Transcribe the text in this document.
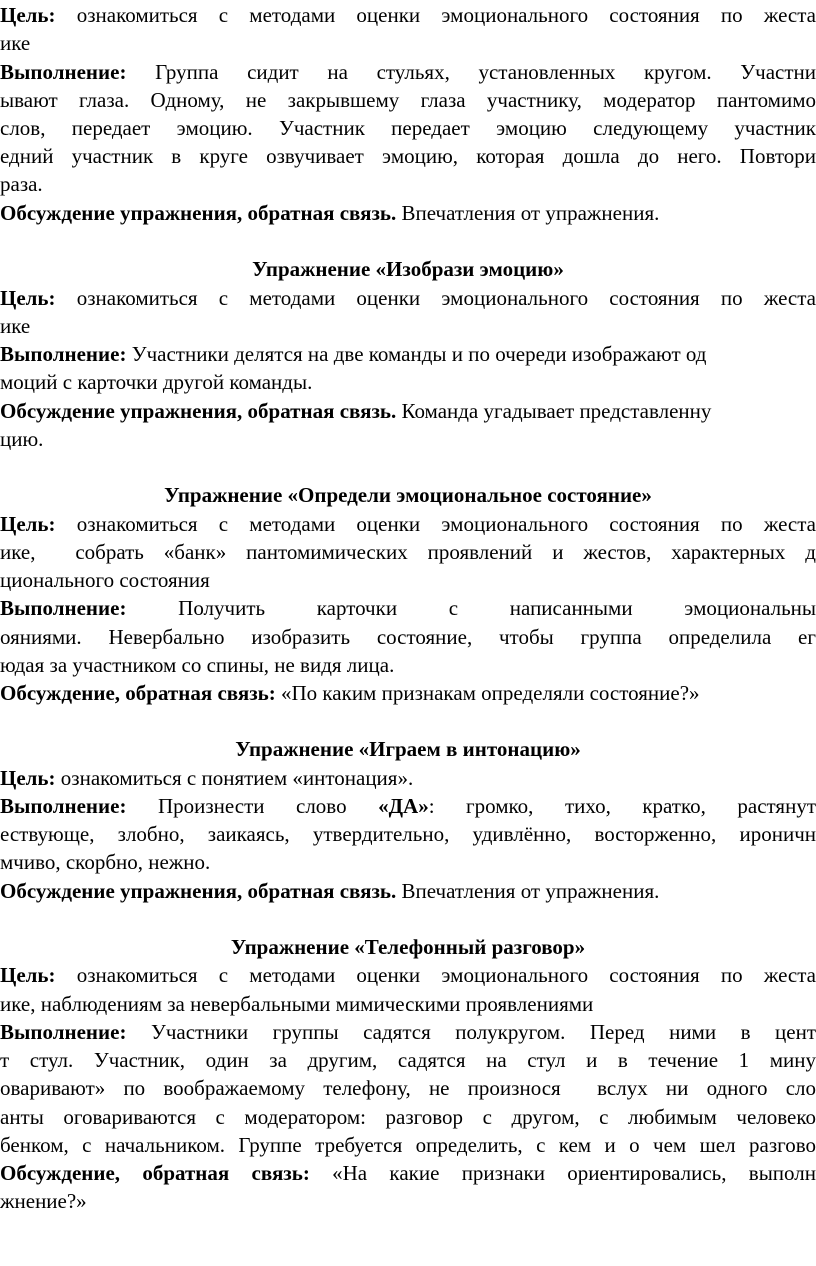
Цель: ознакомиться с методами оценки эмоционального состояния по жеста
ике
Выполнение: Группа сидит на стульях, установленных кругом. Участни
ывают глаза. Одному, не закрывшему глаза участнику, модератор пантомимо
слов, передает эмоцию. Участник передает эмоцию следующему участник
едний участник в круге озвучивает эмоцию, которая дошла до него. Повтори
раза.
Обсуждение упражнения, обратная связь. Впечатления от упражнения.
Упражнение «Изобрази эмоцию»
Цель: ознакомиться с методами оценки эмоционального состояния по жеста
ике
Выполнение: Участники делятся на две команды и по очереди изображают од
моций с карточки другой команды.
Обсуждение упражнения, обратная связь. Команда угадывает представленну
цию.
Упражнение «Определи эмоциональное состояние»
Цель: ознакомиться с методами оценки эмоционального состояния по жеста
ике,  собрать «банк» пантомимических проявлений и жестов, характерных д
ционального состояния
Выполнение: Получить карточки с написанными эмоциональны
ояниями. Невербально изобразить состояние, чтобы группа определила ег
юдая за участником со спины, не видя лица.
Обсуждение, обратная связь: «По каким признакам определяли состояние?»
Упражнение «Играем в интонацию»
Цель: ознакомиться с понятием «интонация».
Выполнение: Произнести слово «ДА»: громко, тихо, кратко, растянут
ествующе, злобно, заикаясь, утвердительно, удивлённо, восторженно, ироничн
мчиво, скорбно, нежно.
Обсуждение упражнения, обратная связь. Впечатления от упражнения.
Упражнение «Телефонный разговор»
Цель: ознакомиться с методами оценки эмоционального состояния по жеста
ике, наблюдениям за невербальными мимическими проявлениями
Выполнение: Участники группы садятся полукругом. Перед ними в цент
т стул. Участник, один за другим, садятся на стул и в течение 1 мину
оваривают» по воображаемому телефону, не произнося  вслух ни одного сло
анты оговариваются с модератором: разговор с другом, с любимым человеко
бенком, с начальником. Группе требуется определить, с кем и о чем шел разгово
Обсуждение, обратная связь: «На какие признаки ориентировались, выполн
жнение?»
